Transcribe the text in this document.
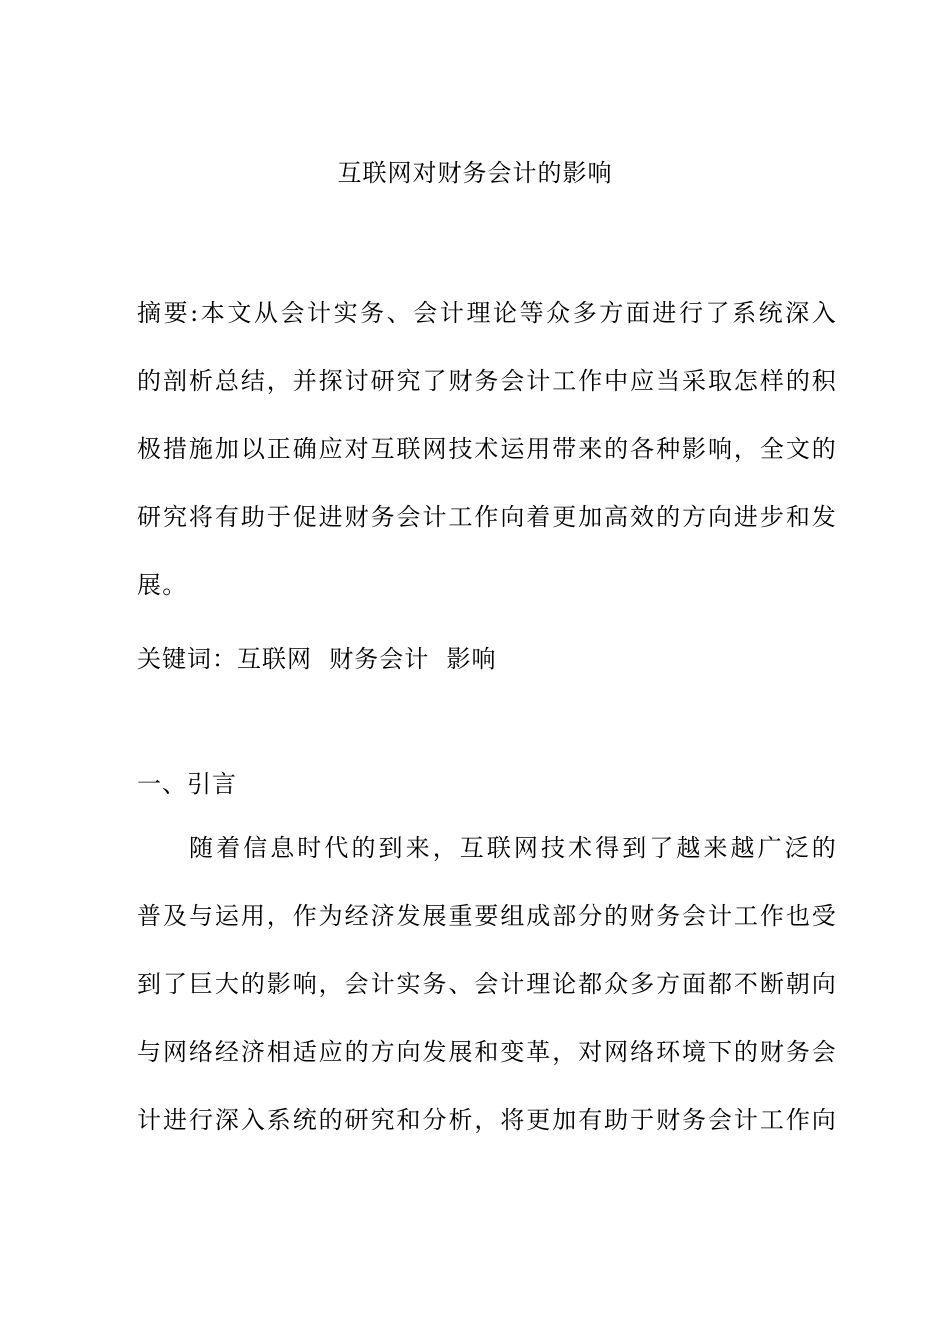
互联网对财务会计的影响
摘要:本文从会计实务、会计理论等众多方面进行了系统深入
的剖析总结，并探讨研究了财务会计工作中应当采取怎样的积
极措施加以正确应对互联网技术运用带来的各种影响，全文的
研究将有助于促进财务会计工作向着更加高效的方向进步和发
展。
关键词：互联网  财务会计  影响
一、引言
随着信息时代的到来，互联网技术得到了越来越广泛的
普及与运用，作为经济发展重要组成部分的财务会计工作也受
到了巨大的影响，会计实务、会计理论都众多方面都不断朝向
与网络经济相适应的方向发展和变革，对网络环境下的财务会
计进行深入系统的研究和分析，将更加有助于财务会计工作向
